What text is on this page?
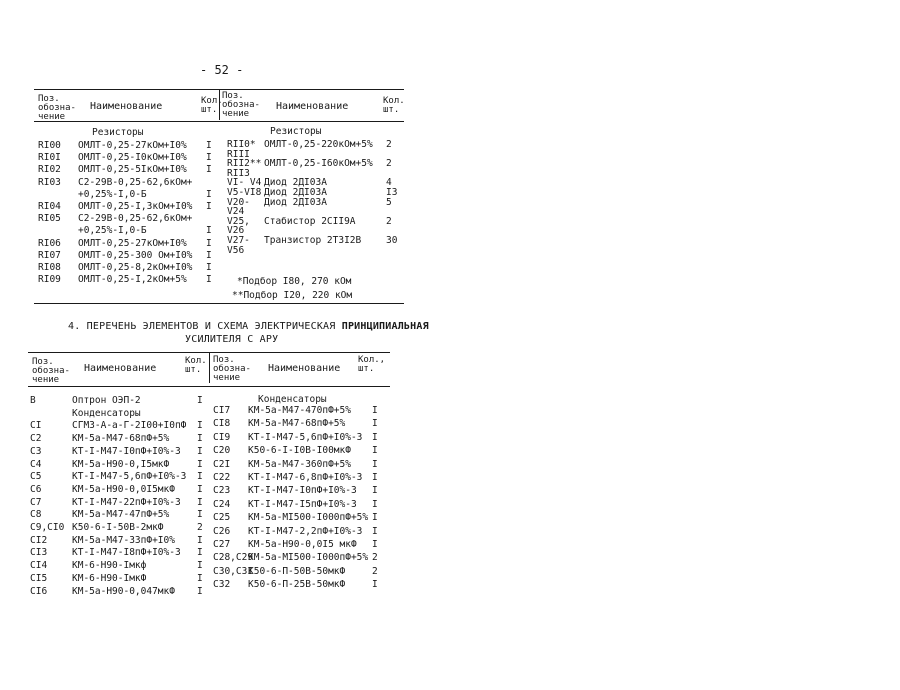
- 52 -
Поз.
обозна-
чение
Наименование	Кол.
шт.
Поз.
обозна-
чение
Наименование	Кол.
шт.
Резисторы	Резисторы
RI00 ОМЛТ-0,25-27кОм+I0% I
RI0I ОМЛТ-0,25-I0кОм+I0% I
RI02 ОМЛТ-0,25-5IкОм+I0% I
RI03 С2-29В-0,25-62,6кОм+
+0,25%-I,0-Б	I
RI04 ОМЛТ-0,25-I,3кОм+I0% I
RI05 С2-29В-0,25-62,6кОм+
+0,25%-I,0-Б	I
RI06 ОМЛТ-0,25-27кОм+I0% I
RI07 ОМЛТ-0,25-300 Ом+I0% I
RI08 ОМЛТ-0,25-8,2кОм+I0% I
RI09 ОМЛТ-0,25-I,2кОм+5% I
RII0* ОМЛТ-0,25-220кОм+5% 2
RIII
RII2** ОМЛТ-0,25-I60кОм+5% 2
RII3
VI- V4 Диод 2ДI03А	4
V5-VI8 Диод 2ДI03А	I3
V20- Диод 2ДI03А	5
V24
V25, Стабистор 2СII9А	2
V26
V27- Транзистор 2Т3I2В	30
V56
*Подбор I80, 270 кОм
**Подбор I20, 220 кОм
4. ПЕРЕЧЕНЬ ЭЛЕМЕНТОВ И СХЕМА ЭЛЕКТРИЧЕСКАЯ ПРИНЦИПИАЛЬНАЯ
УСИЛИТЕЛЯ С АРУ
Поз.
обозна-
чение
Наименование
Кол.
шт.
Поз.
обозна-
чение
Наименование
Кол.,
шт.
Конденсаторы
В	Оптрон ОЭП-2	I
Конденсаторы
CI	СГМ3-А-а-Г-2I00+I0пФ I
C2	КМ-5а-М47-68пФ+5%	I
C3	КТ-I-М47-I0пФ+I0%-3 I
C4	КМ-5а-Н90-0,I5мкФ	I
C5	КТ-I-М47-5,6пФ+I0%-3 I
C6	КМ-5а-Н90-0,0I5мкФ I
C7	КТ-I-М47-22пФ+I0%-3 I
C8	КМ-5а-М47-47пФ+5%	I
C9,CI0 К50-6-I-50В-2мкФ	2
CI2	КМ-5а-М47-33пФ+I0% I
CI3	КТ-I-М47-I8пФ+I0%-3 I
CI4	КМ-6-Н90-Iмкф	I
CI5	КМ-6-Н90-IмкФ	I
CI6	КМ-5а-Н90-0,047мкФ I
CI7 КМ-5а-М47-470пФ+5% I
CI8 КМ-5а-М47-68пФ+5%	I
CI9 КТ-I-М47-5,6пФ+I0%-3 I
C20 К50-6-I-I0В-I00мкФ I
C2I КМ-5а-М47-360пФ+5% I
C22 КТ-I-М47-6,8пФ+I0%-3 I
C23 КТ-I-М47-I0пФ+I0%-3 I
C24 КТ-I-М47-I5пФ+I0%-3 I
C25 КМ-5а-МI500-I000пФ+5% I
C26 КТ-I-М47-2,2пФ+I0%-3 I
C27 КМ-5а-Н90-0,0I5 мкФ I
C28,C29
КМ-5а-МI500-I000пФ+5% 2
C30,C3I
К50-6-П-50В-50мкФ	2
C32 К50-6-П-25В-50мкФ	I
